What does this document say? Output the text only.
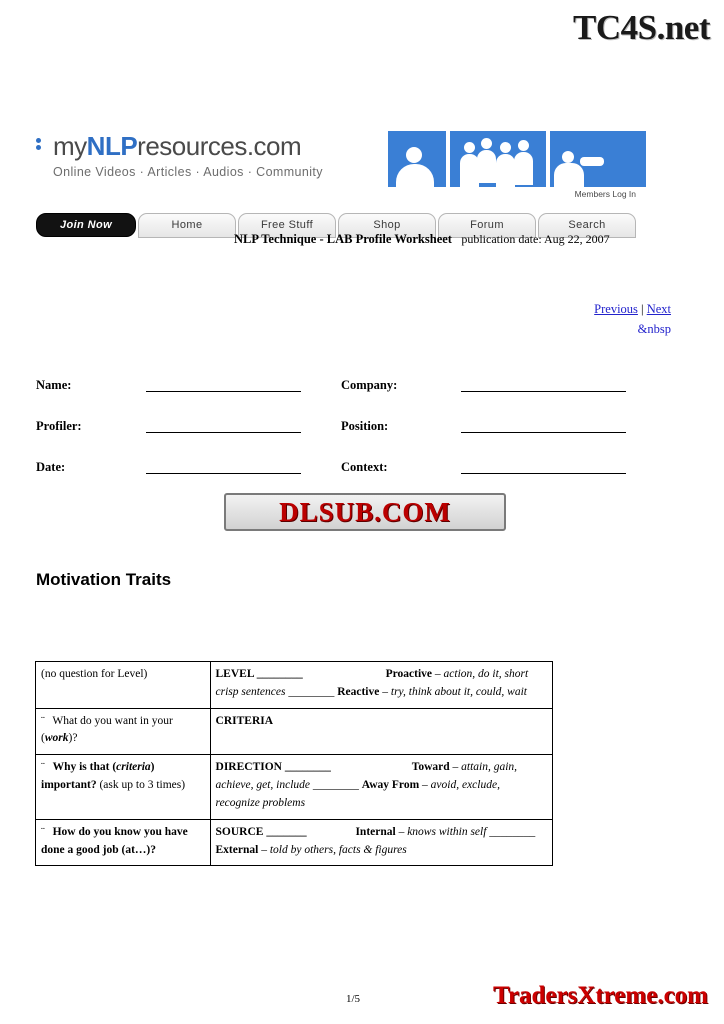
TC4S.net
myNLPresources.com
Online Videos · Articles · Audios · Community
Members Log In
Join Now	Home	Free Stuff	Shop	Forum	Search
NLP Technique - LAB Profile Worksheet publication date: Aug 22, 2007
Previous | Next
&nbsp
Name:	Company:
Profiler:	Position:
Date:	Context:
DLSUB.COM
Motivation Traits
(no question for Level)	LEVEL ________ Proactive – action, do it, short crisp sentences ________ Reactive – try, think about it, could, wait
¨  What do you want in your (work)?	CRITERIA
¨ Why is that (criteria) important? (ask up to 3 times)	DIRECTION ________ Toward – attain, gain, achieve, get, include ________ Away From – avoid, exclude, recognize problems
¨ How do you know you have done a good job (at…)?	SOURCE _______ Internal – knows within self ________ External – told by others, facts & figures
1/5	TradersXtreme.com
